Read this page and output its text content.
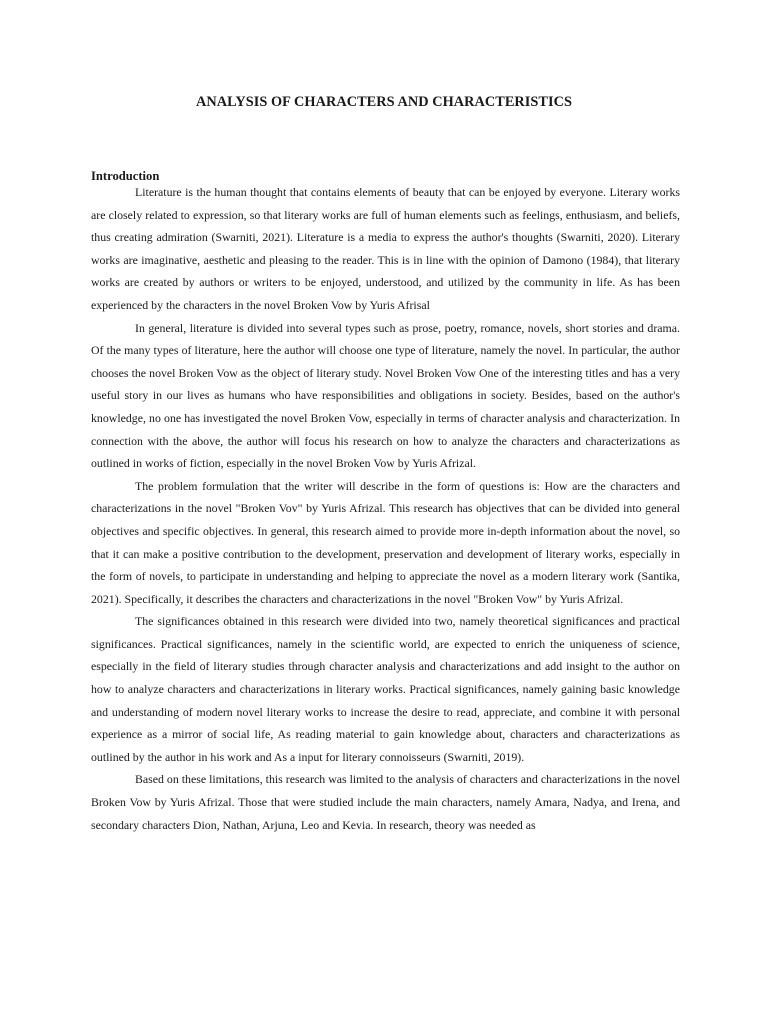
ANALYSIS OF CHARACTERS AND CHARACTERISTICS

Introduction

Literature is the human thought that contains elements of beauty that can be enjoyed by everyone. Literary works are closely related to expression, so that literary works are full of human elements such as feelings, enthusiasm, and beliefs, thus creating admiration (Swarniti, 2021). Literature is a media to express the author's thoughts (Swarniti, 2020). Literary works are imaginative, aesthetic and pleasing to the reader. This is in line with the opinion of Damono (1984), that literary works are created by authors or writers to be enjoyed, understood, and utilized by the community in life. As has been experienced by the characters in the novel Broken Vow by Yuris Afrisal

In general, literature is divided into several types such as prose, poetry, romance, novels, short stories and drama. Of the many types of literature, here the author will choose one type of literature, namely the novel. In particular, the author chooses the novel Broken Vow as the object of literary study. Novel Broken Vow One of the interesting titles and has a very useful story in our lives as humans who have responsibilities and obligations in society. Besides, based on the author's knowledge, no one has investigated the novel Broken Vow, especially in terms of character analysis and characterization. In connection with the above, the author will focus his research on how to analyze the characters and characterizations as outlined in works of fiction, especially in the novel Broken Vow by Yuris Afrizal.

The problem formulation that the writer will describe in the form of questions is: How are the characters and characterizations in the novel "Broken Vov" by Yuris Afrizal. This research has objectives that can be divided into general objectives and specific objectives. In general, this research aimed to provide more in-depth information about the novel, so that it can make a positive contribution to the development, preservation and development of literary works, especially in the form of novels, to participate in understanding and helping to appreciate the novel as a modern literary work (Santika, 2021). Specifically, it describes the characters and characterizations in the novel "Broken Vow" by Yuris Afrizal.

The significances obtained in this research were divided into two, namely theoretical significances and practical significances. Practical significances, namely in the scientific world, are expected to enrich the uniqueness of science, especially in the field of literary studies through character analysis and characterizations and add insight to the author on how to analyze characters and characterizations in literary works. Practical significances, namely gaining basic knowledge and understanding of modern novel literary works to increase the desire to read, appreciate, and combine it with personal experience as a mirror of social life, As reading material to gain knowledge about, characters and characterizations as outlined by the author in his work and As a input for literary connoisseurs (Swarniti, 2019).

Based on these limitations, this research was limited to the analysis of characters and characterizations in the novel Broken Vow by Yuris Afrizal. Those that were studied include the main characters, namely Amara, Nadya, and Irena, and secondary characters Dion, Nathan, Arjuna, Leo and Kevia. In research, theory was needed as
